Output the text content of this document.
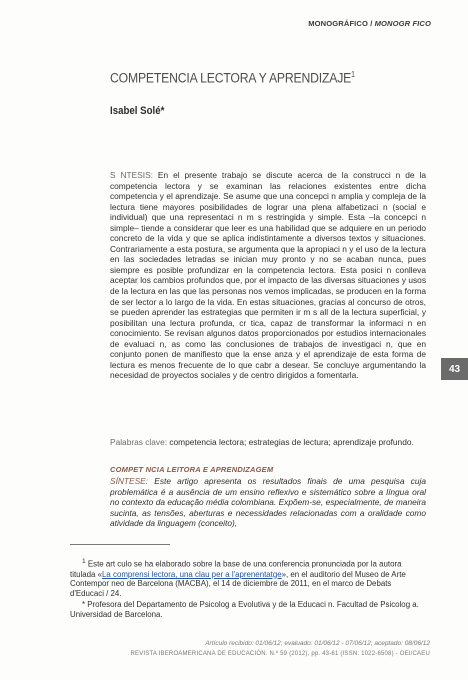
MONOGRÁFICO / MONOGR FICO
COMPETENCIA LECTORA Y APRENDIZAJE$^1$
Isabel Solé*
S NTESIS: En el presente trabajo se discute acerca de la construcci n de la competencia lectora y se examinan las relaciones existentes entre dicha competencia y el aprendizaje. Se asume que una concepci n amplia y compleja de la lectura tiene mayores posibilidades de lograr una plena alfabetizaci n (social e individual) que una representaci n m s restringida y simple. Esta –la concepci n simple– tiende a considerar que leer es una habilidad que se adquiere en un periodo concreto de la vida y que se aplica indistintamente a diversos textos y situaciones. Contrariamente a esta postura, se argumenta que la apropiaci n y el uso de la lectura en las sociedades letradas se inician muy pronto y no se acaban nunca, pues siempre es posible profundizar en la competencia lectora. Esta posici n conlleva aceptar los cambios profundos que, por el impacto de las diversas situaciones y usos de la lectura en las que las personas nos vemos implicadas, se producen en la forma de ser lector a lo largo de la vida. En estas situaciones, gracias al concurso de otros, se pueden aprender las estrategias que permiten ir m s all de la lectura superficial, y posibilitan una lectura profunda, cr tica, capaz de transformar la informaci n en conocimiento. Se revisan algunos datos proporcionados por estudios internacionales de evaluaci n, as como las conclusiones de trabajos de investigaci n, que en conjunto ponen de manifiesto que la ense anza y el aprendizaje de esta forma de lectura es menos frecuente de lo que cabr a desear. Se concluye argumentando la necesidad de proyectos sociales y de centro dirigidos a fomentarla.
Palabras clave: competencia lectora; estrategias de lectura; aprendizaje profundo.
COMPET NCIA LEITORA E APRENDIZAGEM
SÍNTESE: Este artigo apresenta os resultados finais de uma pesquisa cuja problemática é a ausência de um ensino reflexivo e sistemático sobre a língua oral no contexto da educação média colombiana. Expõem-se, especialmente, de maneira sucinta, as tensões, aberturas e necessidades relacionadas com a oralidade como atividade da linguagem (conceito),
$^1$ Este art culo se ha elaborado sobre la base de una conferencia pronunciada por la autora titulada «La comprensi lectora, una clau per a l'aprenentatge», en el auditorio del Museo de Arte Contempor neo de Barcelona (MACBA), el 14 de diciembre de 2011, en el marco de Debats d'Educaci / 24.
* Profesora del Departamento de Psicolog a Evolutiva y de la Educaci n. Facultad de Psicolog a. Universidad de Barcelona.
Artículo recibido: 01/06/12; evaluado: 01/06/12 - 07/06/12; aceptado: 08/06/12
REVISTA IBEROAMERICANA DE EDUCACIÓN. N.º 59 (2012), pp. 43-61 (ISSN: 1022-6508) - OEI/CAEU
43
